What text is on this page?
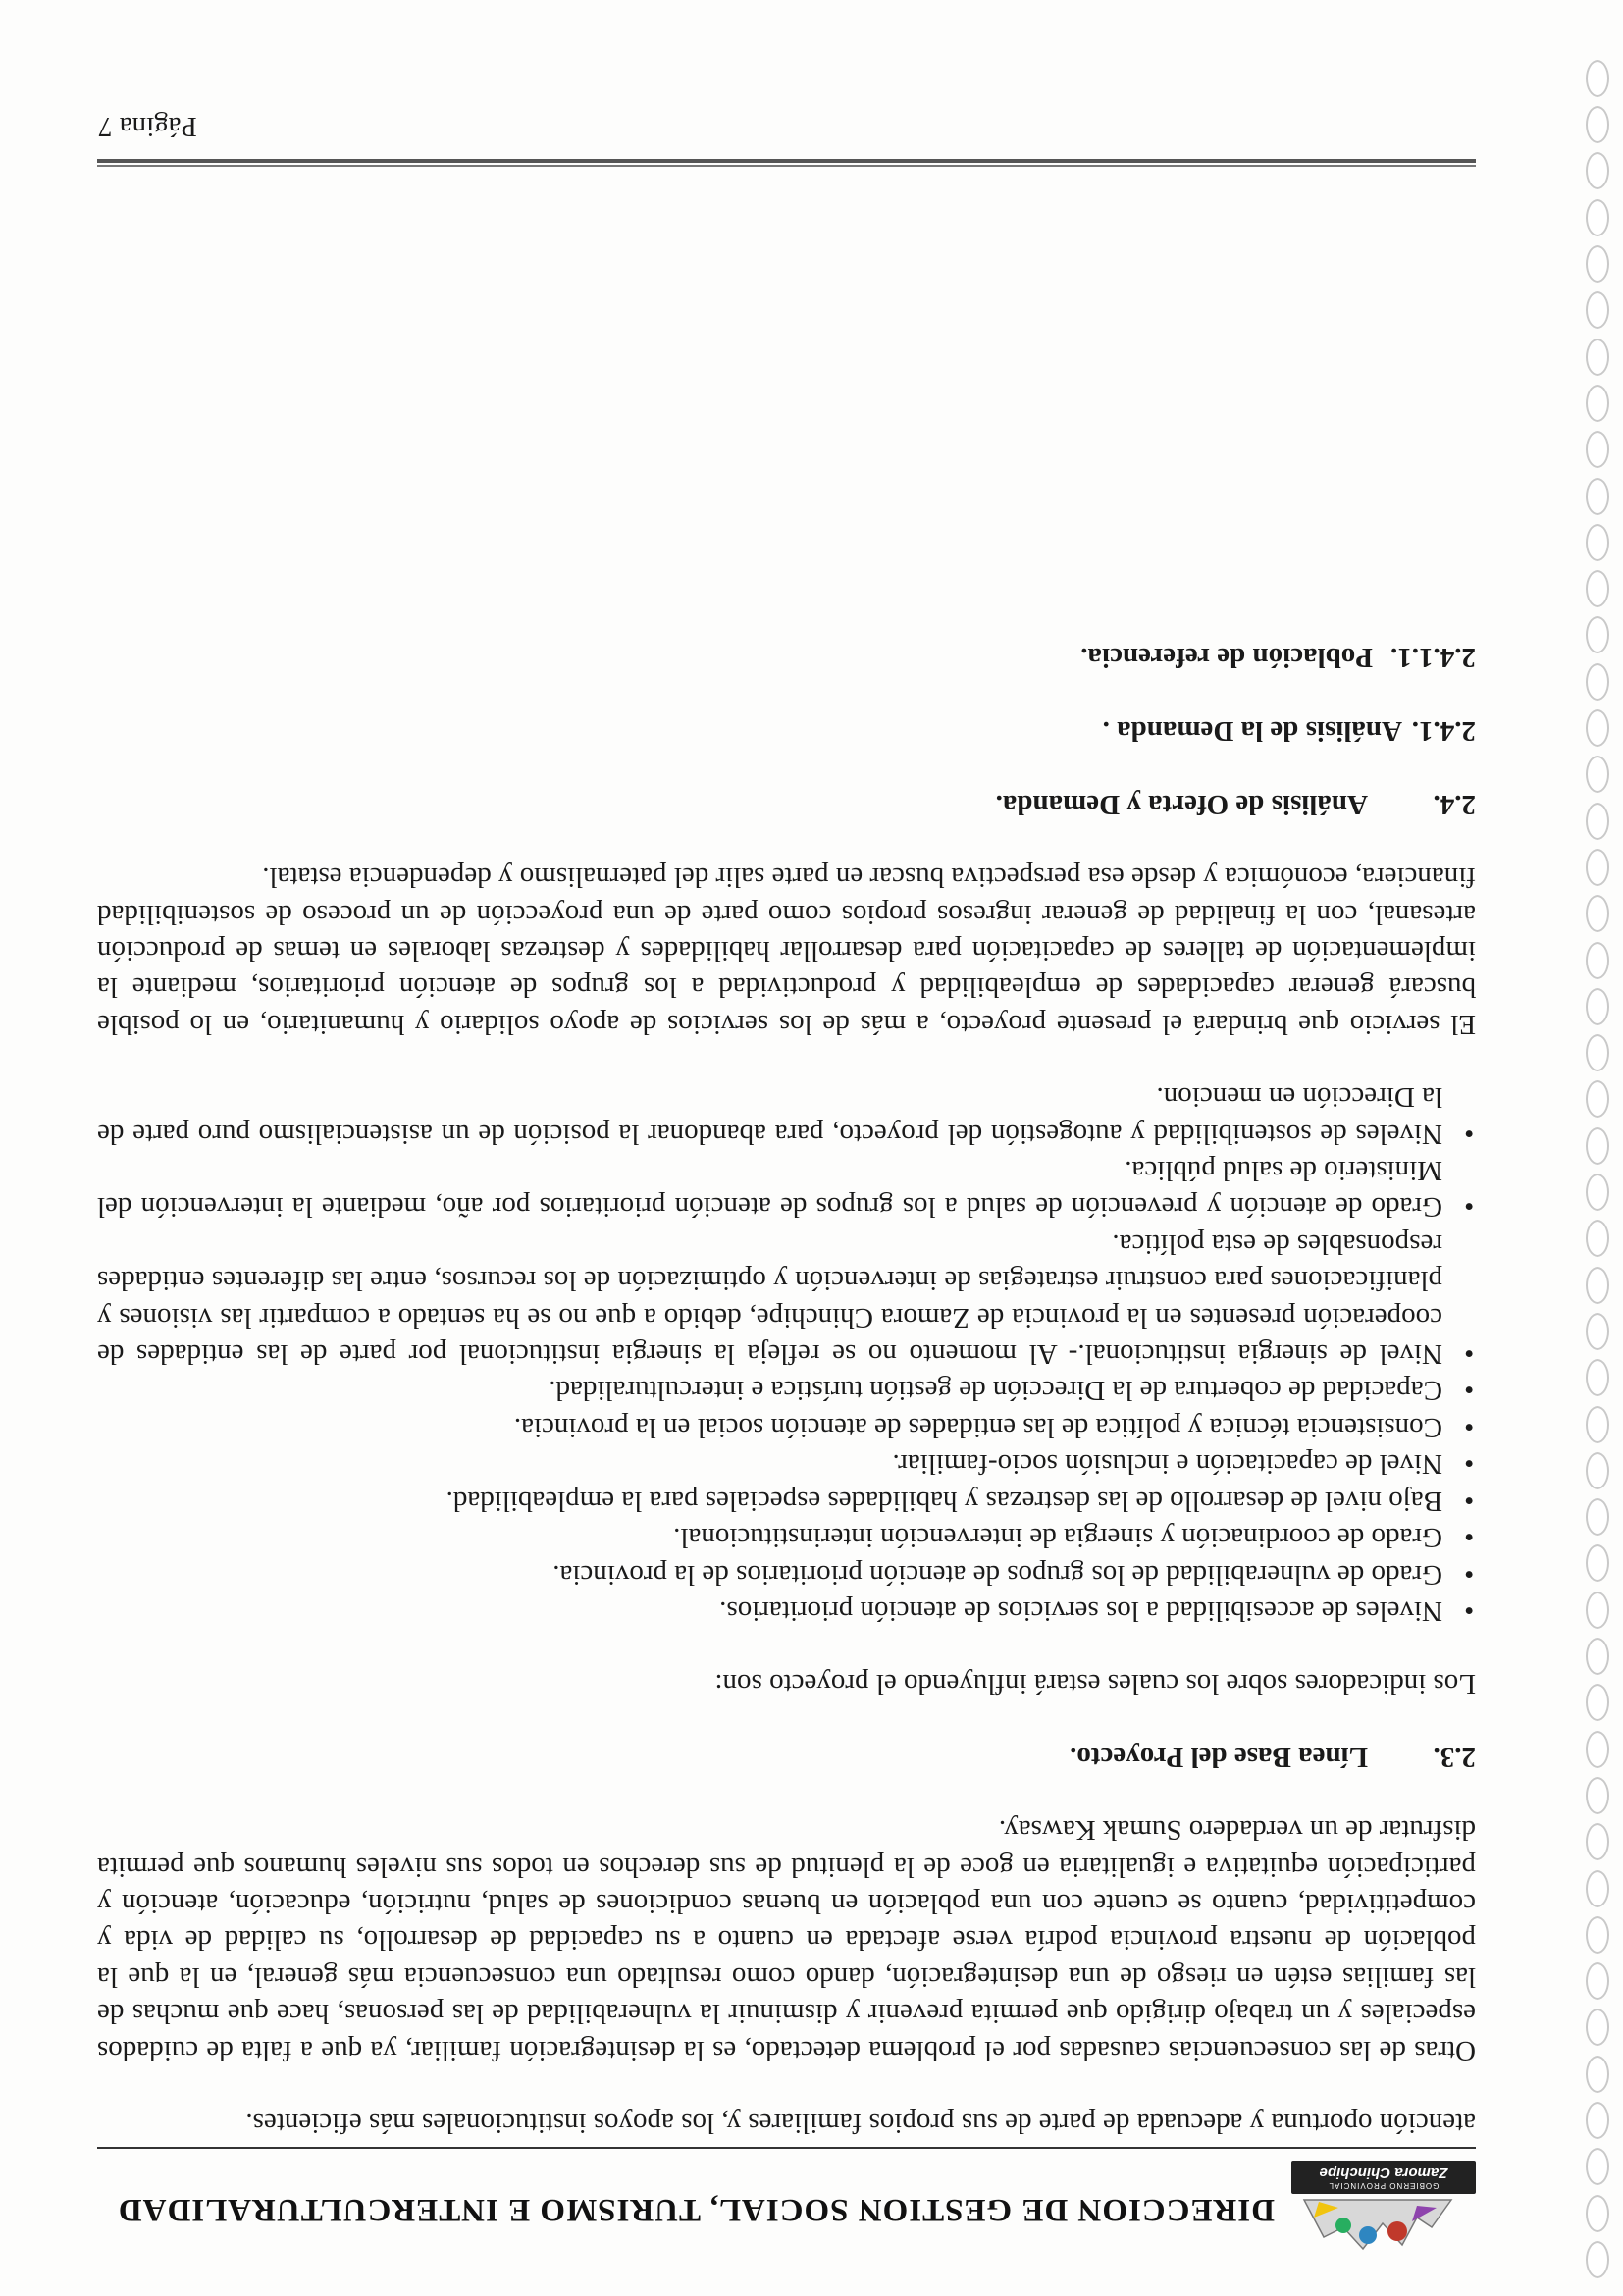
GOBIERNO PROVINCIAL
Zamora Chinchipe
DIRECCION DE GESTION SOCIAL, TURISMO E INTERCULTURALIDAD

atención oportuna y adecuada de parte de sus propios familiares y, los apoyos institucionales más eficientes.

Otras de las consecuencias causadas por el problema detectado, es la desintegración familiar, ya que a falta de cuidados especiales y un trabajo dirigido que permita prevenir y disminuir la vulnerabilidad de las personas, hace que muchas de las familias estén en riesgo de una desintegración, dando como resultado una consecuencia más general, en la que la población de nuestra provincia podría verse afectada en cuanto a su capacidad de desarrollo, su calidad de vida y competitividad, cuanto se cuente con una población en buenas condiciones de salud, nutrición, educación, atención y participación equitativa e igualitaria en goce de la plenitud de sus derechos en todos sus niveles humanos que permita disfrutar de un verdadero Sumak Kawsay.

2.3.Línea Base del Proyecto.

Los indicadores sobre los cuales estará influyendo el proyecto son:

● Niveles de accesibilidad a los servicios de atención prioritarios.
● Grado de vulnerabilidad de los grupos de atención prioritarios de la provincia.
● Grado de coordinación y sinergia de intervención interinstitucional.
● Bajo nivel de desarrollo de las destrezas y habilidades especiales para la empleabilidad.
● Nivel de capacitación e inclusión socio-familiar.
● Consistencia técnica y política de las entidades de atención social en la provincia.
● Capacidad de cobertura de la Dirección de gestión turística e interculturalidad.
● Nivel de sinergia institucional.- Al momento no se refleja la sinergia institucional por parte de las entidades de cooperación presentes en la provincia de Zamora Chinchipe, debido a que no se ha sentado a compartir las visiones y planificaciones para construir estrategias de intervención y optimización de los recursos, entre las diferentes entidades responsables de esta política.
● Grado de atención y prevención de salud a los grupos de atención prioritarios por año, mediante la intervención del Ministerio de salud pública.
● Niveles de sostenibilidad y autogestión del proyecto, para abandonar la posición de un asistencialismo puro parte de la Dirección en mencion.

El servicio que brindará el presente proyecto, a más de los servicios de apoyo solidario y humanitario, en lo posible buscará generar capacidades de empleabilidad y productividad a los grupos de atención prioritarios, mediante la implementación de talleres de capacitación para desarrollar habilidades y destrezas laborales en temas de producción artesanal, con la finalidad de generar ingresos propios como parte de una proyección de un proceso de sostenibilidad financiera, económica y desde esa perspectiva buscar en parte salir del paternalismo y dependencia estatal.

2.4.Análisis de Oferta y Demanda.
2.4.1.Análisis de la Demanda .
2.4.1.1.Población de referencia.
Página 7
